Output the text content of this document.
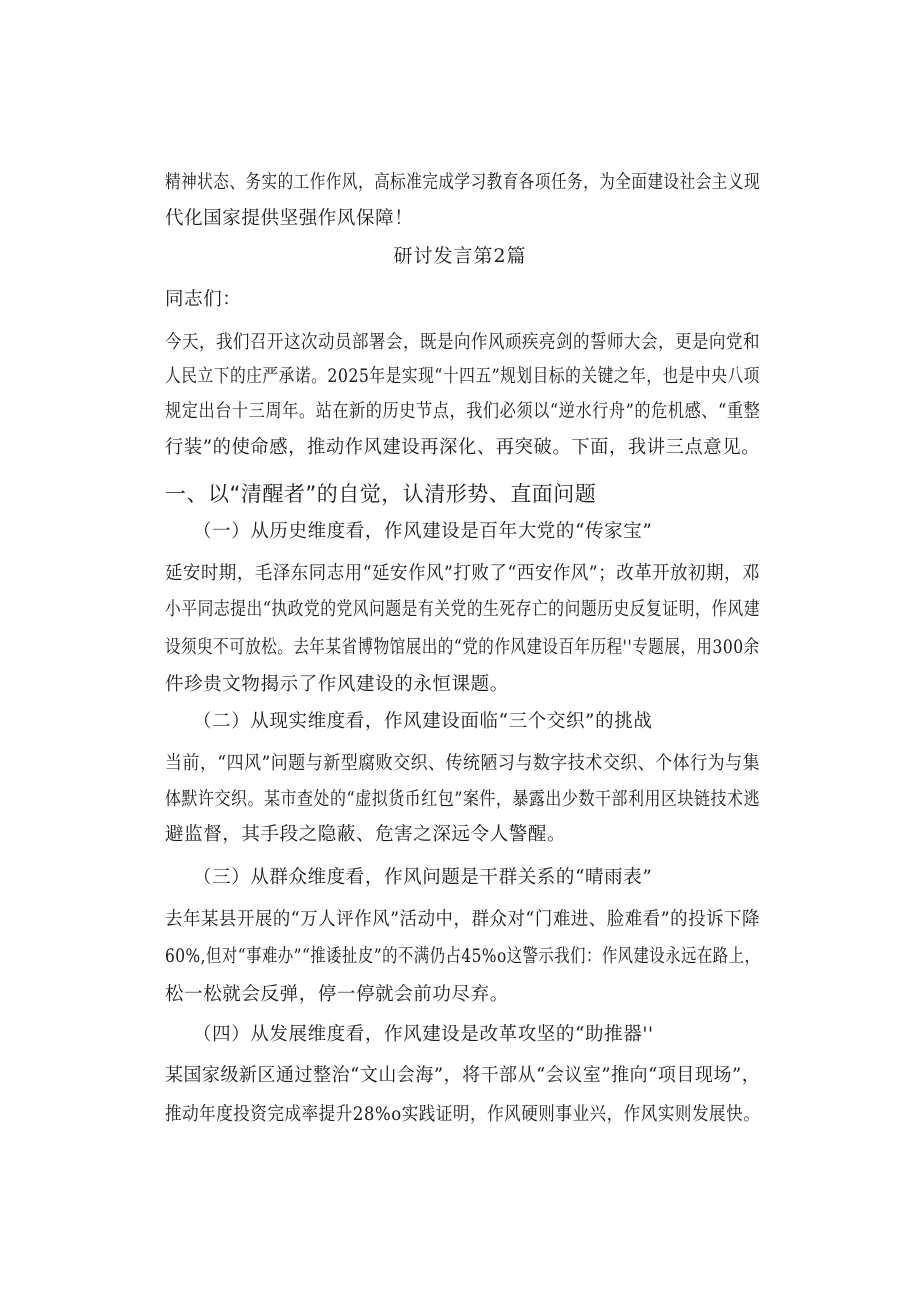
精神状态、务实的工作作风，高标准完成学习教育各项任务，为全面建设社会主义现
代化国家提供坚强作风保障！
研讨发言第2篇
同志们：
今天，我们召开这次动员部署会，既是向作风顽疾亮剑的誓师大会，更是向党和
人民立下的庄严承诺。2025年是实现“十四五”规划目标的关键之年，也是中央八项
规定出台十三周年。站在新的历史节点，我们必须以“逆水行舟”的危机感、“重整
行装”的使命感，推动作风建设再深化、再突破。下面，我讲三点意见。
一、以“清醒者”的自觉，认清形势、直面问题
（一）从历史维度看，作风建设是百年大党的“传家宝”
延安时期，毛泽东同志用“延安作风”打败了“西安作风”；改革开放初期，邓
小平同志提出“执政党的党风问题是有关党的生死存亡的问题历史反复证明，作风建
设须臾不可放松。去年某省博物馆展出的“党的作风建设百年历程''专题展，用300余
件珍贵文物揭示了作风建设的永恒课题。
（二）从现实维度看，作风建设面临“三个交织”的挑战
当前，“四风”问题与新型腐败交织、传统陋习与数字技术交织、个体行为与集
体默许交织。某市查处的“虚拟货币红包”案件，暴露出少数干部利用区块链技术逃
避监督，其手段之隐蔽、危害之深远令人警醒。
（三）从群众维度看，作风问题是干群关系的“晴雨表”
去年某县开展的“万人评作风”活动中，群众对“门难进、脸难看”的投诉下降
60%,但对“事难办”“推诿扯皮”的不满仍占45%o这警示我们：作风建设永远在路上，
松一松就会反弹，停一停就会前功尽弃。
（四）从发展维度看，作风建设是改革攻坚的“助推器''
某国家级新区通过整治“文山会海”，将干部从“会议室”推向“项目现场”，
推动年度投资完成率提升28%o实践证明，作风硬则事业兴，作风实则发展快。
